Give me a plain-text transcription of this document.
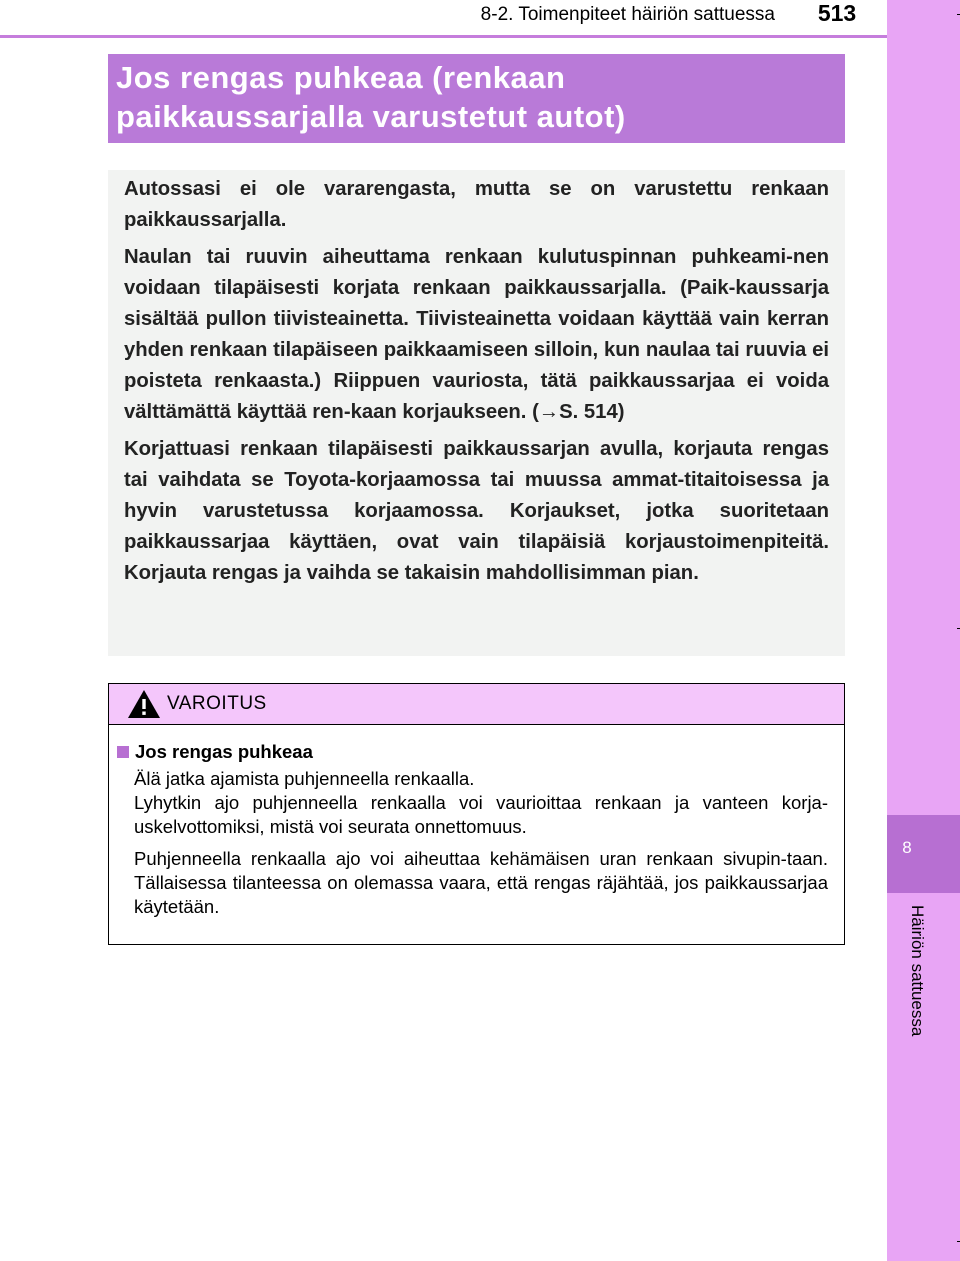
8-2. Toimenpiteet häiriön sattuessa	513
8
Häiriön sattuessa
Jos rengas puhkeaa (renkaan
paikkaussarjalla varustetut autot)

Autossasi ei ole vararengasta, mutta se on varustettu renkaan paikkaussarjalla.

Naulan tai ruuvin aiheuttama renkaan kulutuspinnan puhkeami-nen voidaan tilapäisesti korjata renkaan paikkaussarjalla. (Paik-kaussarja sisältää pullon tiivisteainetta. Tiivisteainetta voidaan käyttää vain kerran yhden renkaan tilapäiseen paikkaamiseen silloin, kun naulaa tai ruuvia ei poisteta renkaasta.) Riippuen vauriosta, tätä paikkaussarjaa ei voida välttämättä käyttää ren-kaan korjaukseen. (→S. 514)

Korjattuasi renkaan tilapäisesti paikkaussarjan avulla, korjauta rengas tai vaihdata se Toyota-korjaamossa tai muussa ammat-titaitoisessa ja hyvin varustetussa korjaamossa. Korjaukset, jotka suoritetaan paikkaussarjaa käyttäen, ovat vain tilapäisiä korjaustoimenpiteitä. Korjauta rengas ja vaihda se takaisin mahdollisimman pian.

VAROITUS

Jos rengas puhkeaa

Älä jatka ajamista puhjenneella renkaalla.
Lyhytkin ajo puhjenneella renkaalla voi vaurioittaa renkaan ja vanteen korja-uskelvottomiksi, mistä voi seurata onnettomuus.

Puhjenneella renkaalla ajo voi aiheuttaa kehämäisen uran renkaan sivupin-taan. Tällaisessa tilanteessa on olemassa vaara, että rengas räjähtää, jos paikkaussarjaa käytetään.
